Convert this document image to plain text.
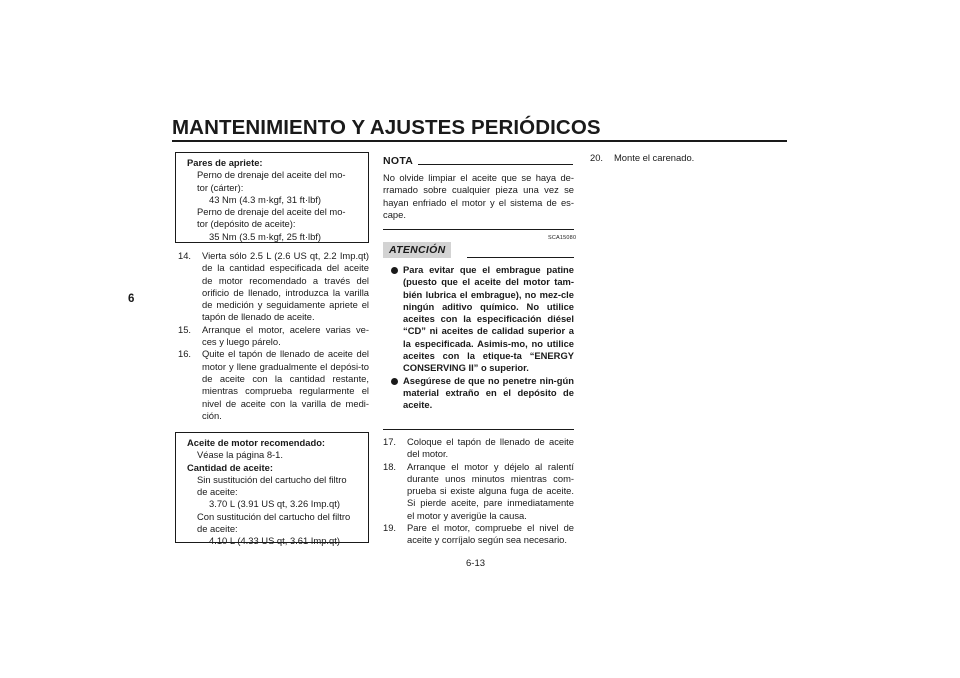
MANTENIMIENTO Y AJUSTES PERIÓDICOS
6
6-13
Pares de apriete:
Perno de drenaje del aceite del mo-
tor (cárter):
43 Nm (4.3 m·kgf, 31 ft·lbf)
Perno de drenaje del aceite del mo-
tor (depósito de aceite):
35 Nm (3.5 m·kgf, 25 ft·lbf)
14. Vierta sólo 2.5 L (2.6 US qt, 2.2 Imp.qt) de la cantidad especificada del aceite de motor recomendado a través del orificio de llenado, introduzca la varilla de medición y seguidamente apriete el tapón de llenado de aceite.
15. Arranque el motor, acelere varias ve-ces y luego párelo.
16. Quite el tapón de llenado de aceite del motor y llene gradualmente el depósi-to de aceite con la cantidad restante, mientras comprueba regularmente el nivel de aceite con la varilla de medi-ción.
Aceite de motor recomendado:
Véase la página 8-1.
Cantidad de aceite:
Sin sustitución del cartucho del filtro
de aceite:
3.70 L (3.91 US qt, 3.26 Imp.qt)
Con sustitución del cartucho del filtro
de aceite:
4.10 L (4.33 US qt, 3.61 Imp.qt)
NOTA
No olvide limpiar el aceite que se haya de-rramado sobre cualquier pieza una vez se hayan enfriado el motor y el sistema de es-cape.
SCA15080
ATENCIÓN
Para evitar que el embrague patine (puesto que el aceite del motor tam-bién lubrica el embrague), no mez-cle ningún aditivo químico. No utilice aceites con la especificación diésel “CD” ni aceites de calidad superior a la especificada. Asimis-mo, no utilice aceites con la etique-ta “ENERGY CONSERVING II” o superior.
Asegúrese de que no penetre nin-gún material extraño en el depósito de aceite.
17. Coloque el tapón de llenado de aceite del motor.
18. Arranque el motor y déjelo al ralentí durante unos minutos mientras com-prueba si existe alguna fuga de aceite. Si pierde aceite, pare inmediatamente el motor y averigüe la causa.
19. Pare el motor, compruebe el nivel de aceite y corríjalo según sea necesario.
20. Monte el carenado.
